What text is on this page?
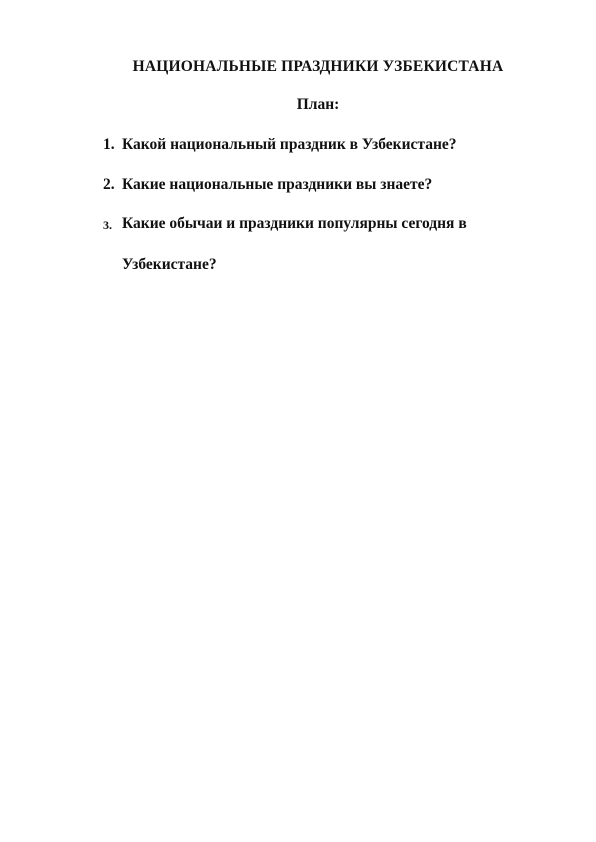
НАЦИОНАЛЬНЫЕ ПРАЗДНИКИ УЗБЕКИСТАНА
План:
1. Какой национальный праздник в Узбекистане?
2. Какие национальные праздники вы знаете?
3. Какие обычаи и праздники популярны сегодня в
Узбекистане?
